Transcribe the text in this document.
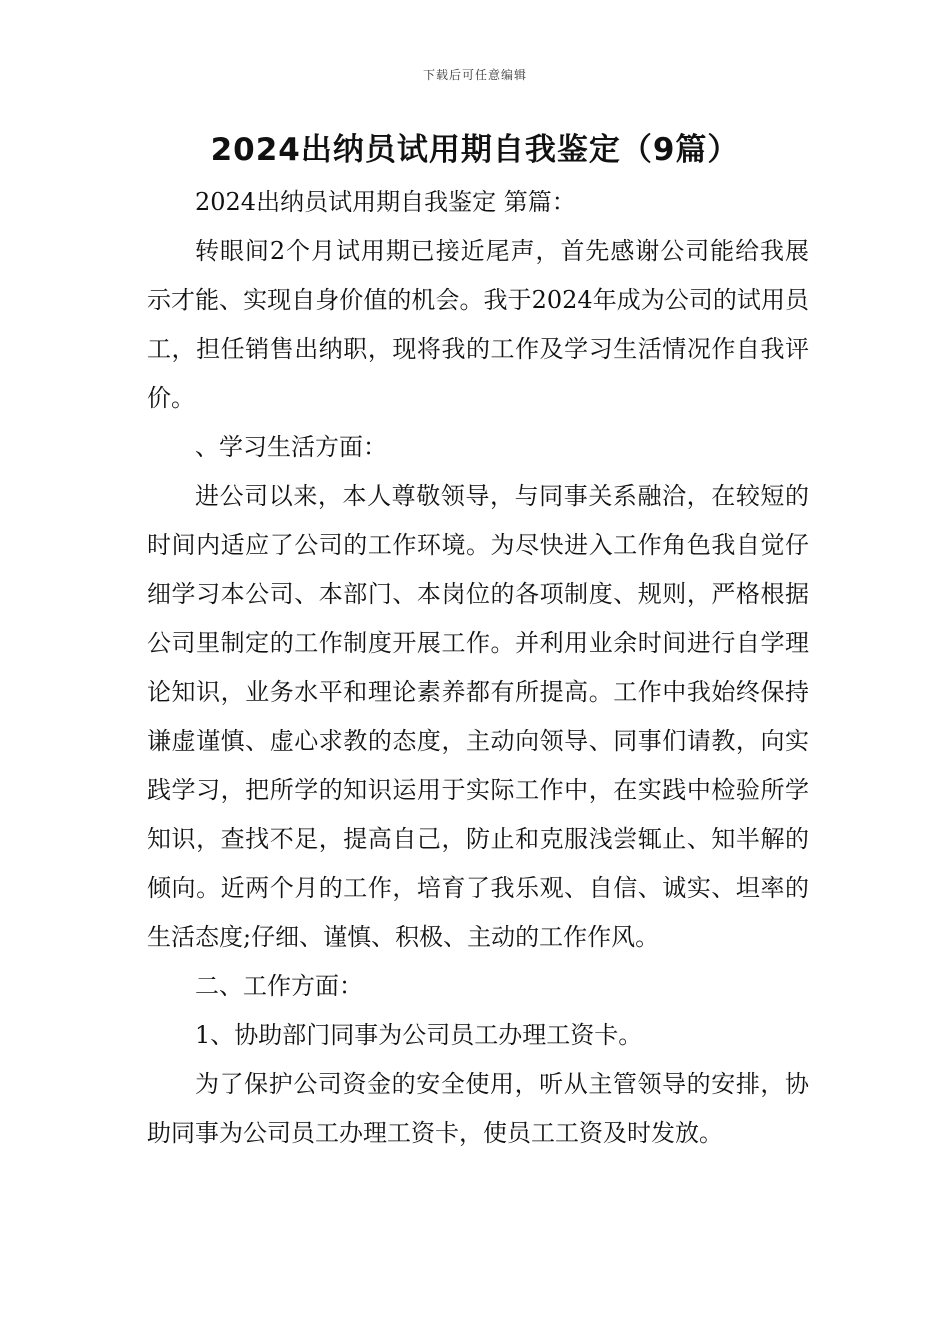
下载后可任意编辑
2024出纳员试用期自我鉴定（9篇）

2024出纳员试用期自我鉴定 第篇：

转眼间2个月试用期已接近尾声，首先感谢公司能给我展示才能、实现自身价值的机会。我于2024年成为公司的试用员工，担任销售出纳职，现将我的工作及学习生活情况作自我评价。

、学习生活方面：

进公司以来，本人尊敬领导，与同事关系融洽，在较短的时间内适应了公司的工作环境。为尽快进入工作角色我自觉仔细学习本公司、本部门、本岗位的各项制度、规则，严格根据公司里制定的工作制度开展工作。并利用业余时间进行自学理论知识，业务水平和理论素养都有所提高。工作中我始终保持谦虚谨慎、虚心求教的态度，主动向领导、同事们请教，向实践学习，把所学的知识运用于实际工作中，在实践中检验所学知识，查找不足，提高自己，防止和克服浅尝辄止、知半解的倾向。近两个月的工作，培育了我乐观、自信、诚实、坦率的生活态度;仔细、谨慎、积极、主动的工作作风。

二、工作方面：

1、协助部门同事为公司员工办理工资卡。

为了保护公司资金的安全使用，听从主管领导的安排，协助同事为公司员工办理工资卡，使员工工资及时发放。
